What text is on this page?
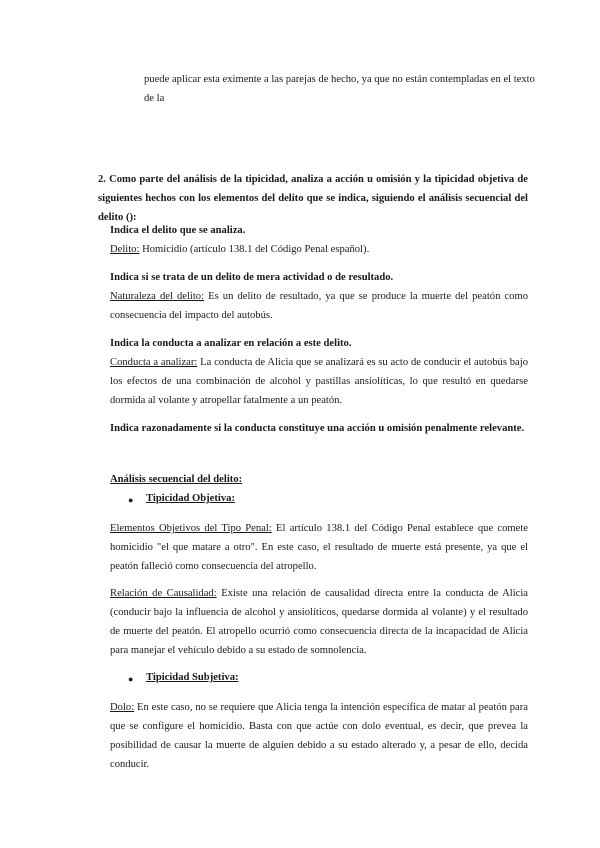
puede aplicar esta eximente a las parejas de hecho, ya que no están contempladas en el texto
de la

2. Como parte del análisis de la tipicidad, analiza a acción u omisión y la tipicidad objetiva de siguientes hechos con los elementos del delito que se indica, siguiendo el análisis secuencial del delito ():

Indica el delito que se analiza.
Delito: Homicidio (artículo 138.1 del Código Penal español).
Indica si se trata de un delito de mera actividad o de resultado.
Naturaleza del delito: Es un delito de resultado, ya que se produce la muerte del peatón como consecuencia del impacto del autobús.
Indica la conducta a analizar en relación a este delito.
Conducta a analizar: La conducta de Alicia que se analizará es su acto de conducir el autobús bajo los efectos de una combinación de alcohol y pastillas ansiolíticas, lo que resultó en quedarse dormida al volante y atropellar fatalmente a un peatón.

Indica razonadamente si la conducta constituye una acción u omisión penalmente relevante.

Análisis secuencial del delito:
● Tipicidad Objetiva:

Elementos Objetivos del Tipo Penal: El artículo 138.1 del Código Penal establece que comete homicidio "el que matare a otro". En este caso, el resultado de muerte está presente, ya que el peatón falleció como consecuencia del atropello.

Relación de Causalidad: Existe una relación de causalidad directa entre la conducta de Alicia (conducir bajo la influencia de alcohol y ansiolíticos, quedarse dormida al volante) y el resultado de muerte del peatón. El atropello ocurrió como consecuencia directa de la incapacidad de Alicia para manejar el vehículo debido a su estado de somnolencia.

● Tipicidad Subjetiva:

Dolo: En este caso, no se requiere que Alicia tenga la intención específica de matar al peatón para que se configure el homicidio. Basta con que actúe con dolo eventual, es decir, que prevea la posibilidad de causar la muerte de alguien debido a su estado alterado y, a pesar de ello, decida conducir.
